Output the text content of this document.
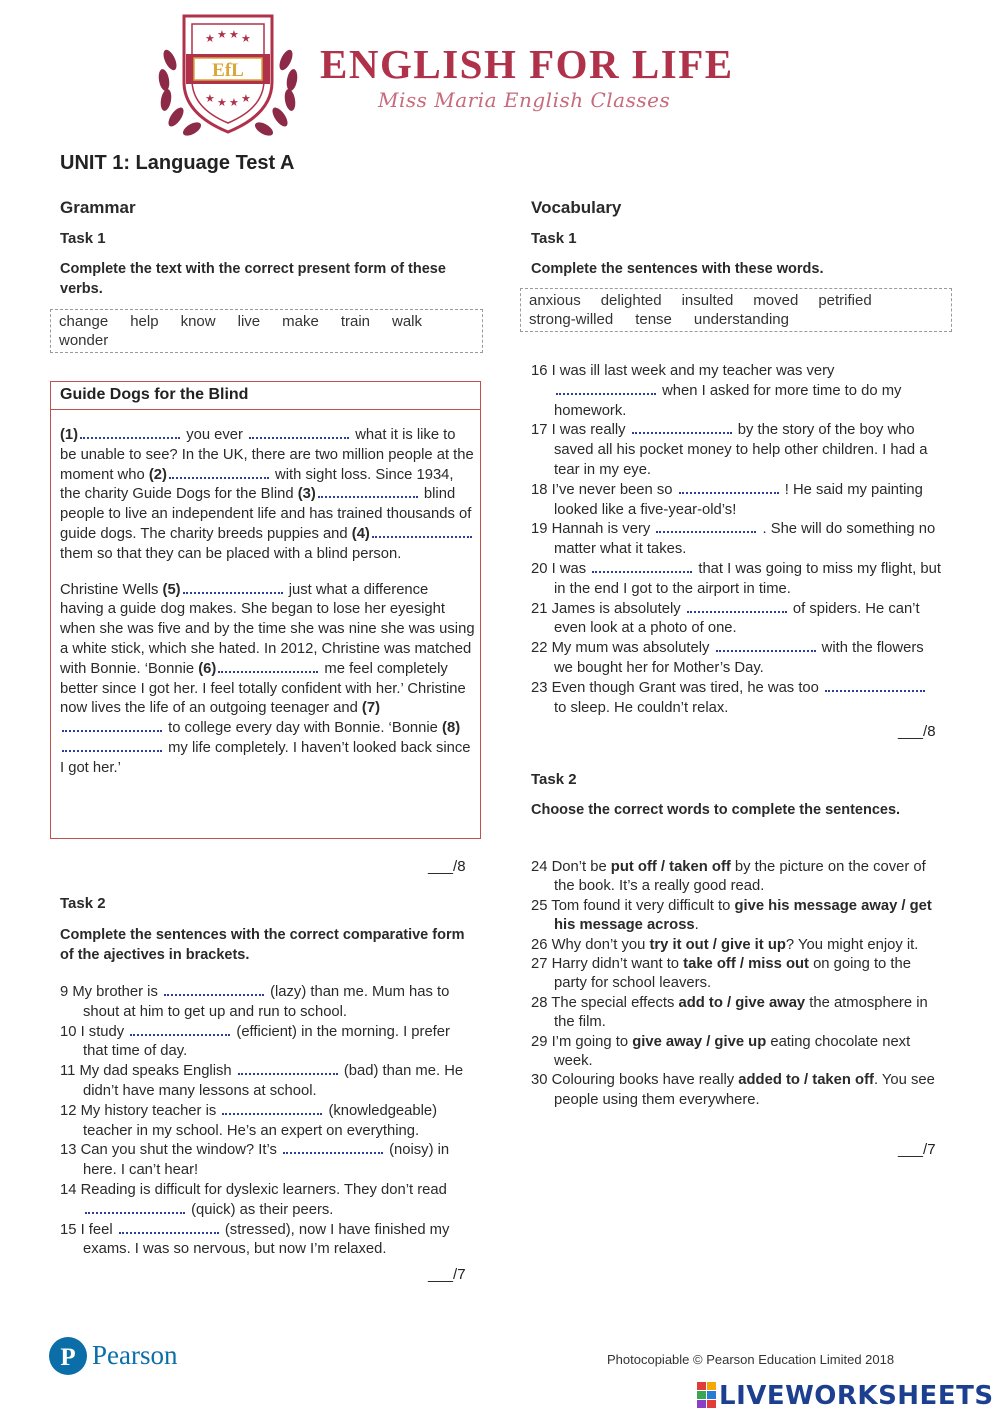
★ ★ ★ ★
★ ★ ★ ★
EfL ENGLISH FOR LIFE
Miss Maria English Classes
UNIT 1: Language Test A
Grammar
Task 1
Complete the text with the correct present form of these verbs.
change help know live make train walkwonder
Guide Dogs for the Blind

(1)	you ever	what it is like to be unable to see? In the UK, there are two million people at the moment who (2)	with sight loss. Since 1934, the charity Guide Dogs for the Blind (3)	blind people to live an independent life and has trained thousands of guide dogs. The charity breeds puppies and (4) them so that they can be placed with a blind person.

Christine Wells (5)	just what a difference having a guide dog makes. She began to lose her eyesight when she was five and by the time she was nine she was using a white stick, which she hated. In 2012, Christine was matched with Bonnie. ‘Bonnie (6)	me feel completely better since I got her. I feel totally confident with her.’ Christine now lives the life of an outgoing teenager and (7) to college every day with Bonnie. ‘Bonnie (8) my life completely. I haven’t looked back since I got her.’

___/8
Task 2
Complete the sentences with the correct comparative form of the ajectives in brackets.
9 My brother is	(lazy) than me. Mum has to shout at him to get up and run to school.
10 I study	(efficient) in the morning. I prefer that time of day.
11 My dad speaks English	(bad) than me. He didn’t have many lessons at school.
12 My history teacher is	(knowledgeable) teacher in my school. He’s an expert on everything.
13 Can you shut the window? It’s	(noisy) in here. I can’t hear!
14 Reading is difficult for dyslexic learners. They don’t read  (quick) as their peers.
15 I feel	(stressed), now I have finished my exams. I was so nervous, but now I’m relaxed.
___/7
Vocabulary
Task 1
Complete the sentences with these words.
anxious delighted insulted moved petrifiedstrong-willed tense understanding
16 I was ill last week and my teacher was very  when I asked for more time to do my homework.
17 I was really	by the story of the boy who saved all his pocket money to help other children. I had a tear in my eye.
18 I’ve never been so	! He said my painting looked like a five-year-old’s!
19 Hannah is very	. She will do something no matter what it takes.
20 I was	that I was going to miss my flight, but in the end I got to the airport in time.
21 James is absolutely	of spiders. He can’t even look at a photo of one.
22 My mum was absolutely	with the flowers we bought her for Mother’s Day.
23 Even though Grant was tired, he was too  to sleep. He couldn’t relax.
___/8
Task 2
Choose the correct words to complete the sentences.
24 Don’t be put off / taken off by the picture on the cover of the book. It’s a really good read.
25 Tom found it very difficult to give his message away / get his message across.
26 Why don’t you try it out / give it up? You might enjoy it.
27 Harry didn’t want to take off / miss out on going to the party for school leavers.
28 The special effects add to / give away the atmosphere in the film.
29 I’m going to give away / give up eating chocolate next week.
30 Colouring books have really added to / taken off. You see people using them everywhere.
___/7
P Pearson	Photocopiable © Pearson Education Limited 2018
LIVEWORKSHEETS
